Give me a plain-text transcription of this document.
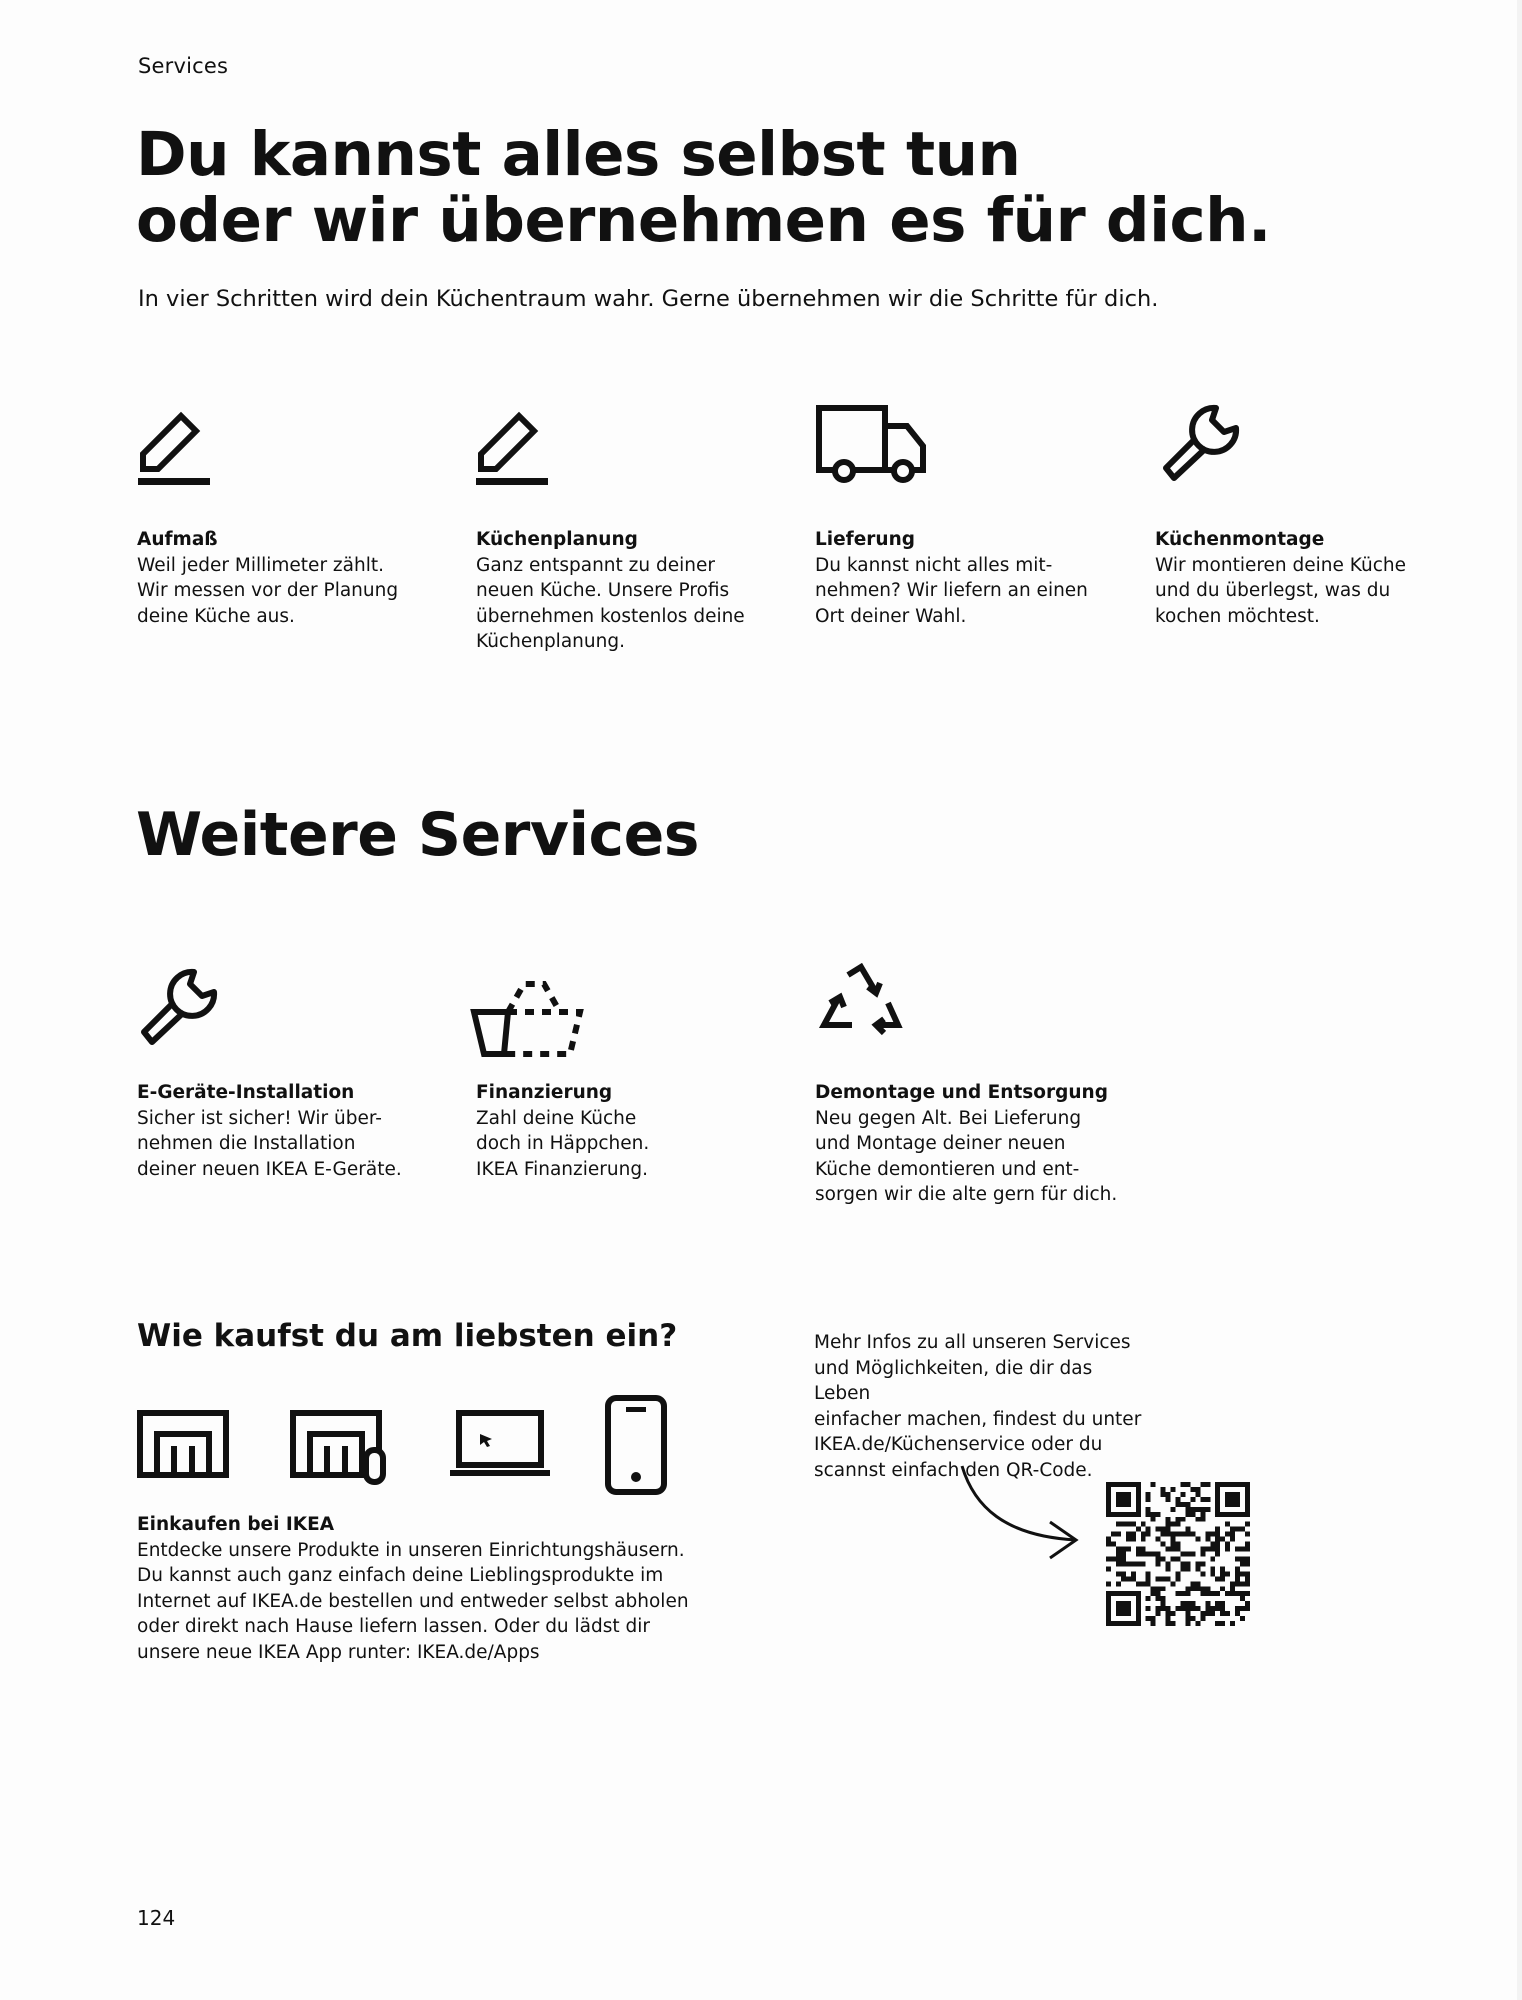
Services
Du kannst alles selbst tun
oder wir übernehmen es für dich.
In vier Schritten wird dein Küchentraum wahr. Gerne übernehmen wir die Schritte für dich.
Aufmaß
Weil jeder Millimeter zählt.
Wir messen vor der Planung
deine Küche aus.
Küchenplanung
Ganz entspannt zu deiner
neuen Küche. Unsere Profis
übernehmen kostenlos deine
Küchenplanung.
Lieferung
Du kannst nicht alles mit-
nehmen? Wir liefern an einen
Ort deiner Wahl.
Küchenmontage
Wir montieren deine Küche
und du überlegst, was du
kochen möchtest.
Weitere Services
E-Geräte-Installation
Sicher ist sicher! Wir über-
nehmen die Installation
deiner neuen IKEA E-Geräte.
Finanzierung
Zahl deine Küche
doch in Häppchen.
IKEA Finanzierung.
Demontage und Entsorgung
Neu gegen Alt. Bei Lieferung
und Montage deiner neuen
Küche demontieren und ent-
sorgen wir die alte gern für dich.
Wie kaufst du am liebsten ein?
Einkaufen bei IKEA
Entdecke unsere Produkte in unseren Einrichtungshäusern.
Du kannst auch ganz einfach deine Lieblingsprodukte im
Internet auf IKEA.de bestellen und entweder selbst abholen
oder direkt nach Hause liefern lassen. Oder du lädst dir
unsere neue IKEA App runter: IKEA.de/Apps
Mehr Infos zu all unseren Services
und Möglichkeiten, die dir das Leben
einfacher machen, findest du unter
IKEA.de/Küchenservice oder du
scannst einfach den QR-Code.
124
